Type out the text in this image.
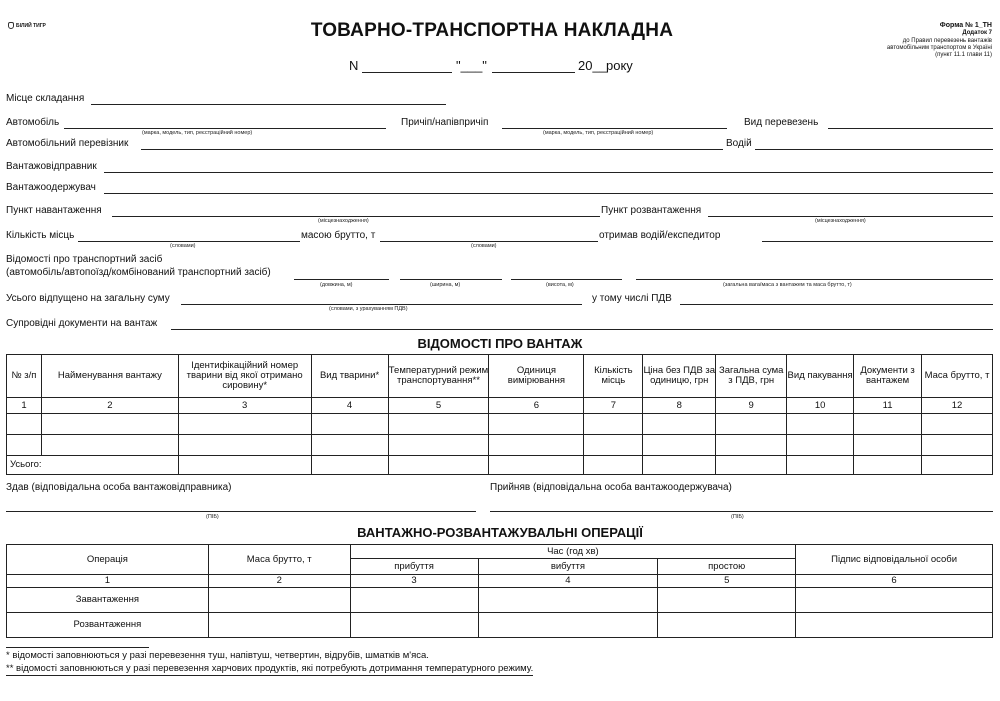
БІЛИЙ ТИГР	ТОВАРНО-ТРАНСПОРТНА НАКЛАДНА	Форма № 1_ТН
Додаток 7
до Правил перевезень вантажів
автомобільним транспортом в Україні
(пункт 11.1 глави 11)
N	"___"	20__ року
Місце складання
Автомобіль
(марка, модель, тип, реєстраційний номер)
Причіп/напівпричіп
(марка, модель, тип, реєстраційний номер)
Вид перевезень
Автомобільний перевізник	Водій
Вантажовідправник
Вантажоодержувач
Пункт навантаження
(місцезнаходження)
Пункт розвантаження
(місцезнаходження)
Кількість місць
(словами)
масою брутто, т
(словами)
отримав водій/експедитор
Відомості про транспортний засіб
(автомобіль/автопоїзд/комбінований транспортний засіб)
(довжина, м)	(ширина, м)	(висота, м)	(загальна вага/маса з вантажем та маса брутто, т)
Усього відпущено на загальну суму
(словами, з урахуванням ПДВ)
у тому числі ПДВ
Супровідні документи на вантаж
ВІДОМОСТІ ПРО ВАНТАЖ
№ з/п	Найменування вантажу	Ідентифікаційний номер тварини від якої отримано сировину*	Вид тварини*	Температурний режим транспортування**	Одиниця вимірювання	Кількість місць	Ціна без ПДВ за одиницю, грн	Загальна сума з ПДВ, грн	Вид пакування	Документи з вантажем	Маса брутто, т
1	2	3	4	5	6	7	8	9	10	11	12

Усього:											
Здав (відповідальна особа вантажовідправника)
(ПІБ)
Прийняв (відповідальна особа вантажоодержувача)
(ПІБ)
ВАНТАЖНО-РОЗВАНТАЖУВАЛЬНІ ОПЕРАЦІЇ
Операція	Маса брутто, т	Час (год хв)			Підпис відповідальної особи
		прибуття	вибуття	простою	
1	2	3	4	5	6
Завантаження					
Розвантаження					
* відомості заповнюються у разі перевезення туш, напівтуш, четвертин, відрубів, шматків м'яса.
** відомості заповнюються у разі перевезення харчових продуктів, які потребують дотримання температурного режиму.
